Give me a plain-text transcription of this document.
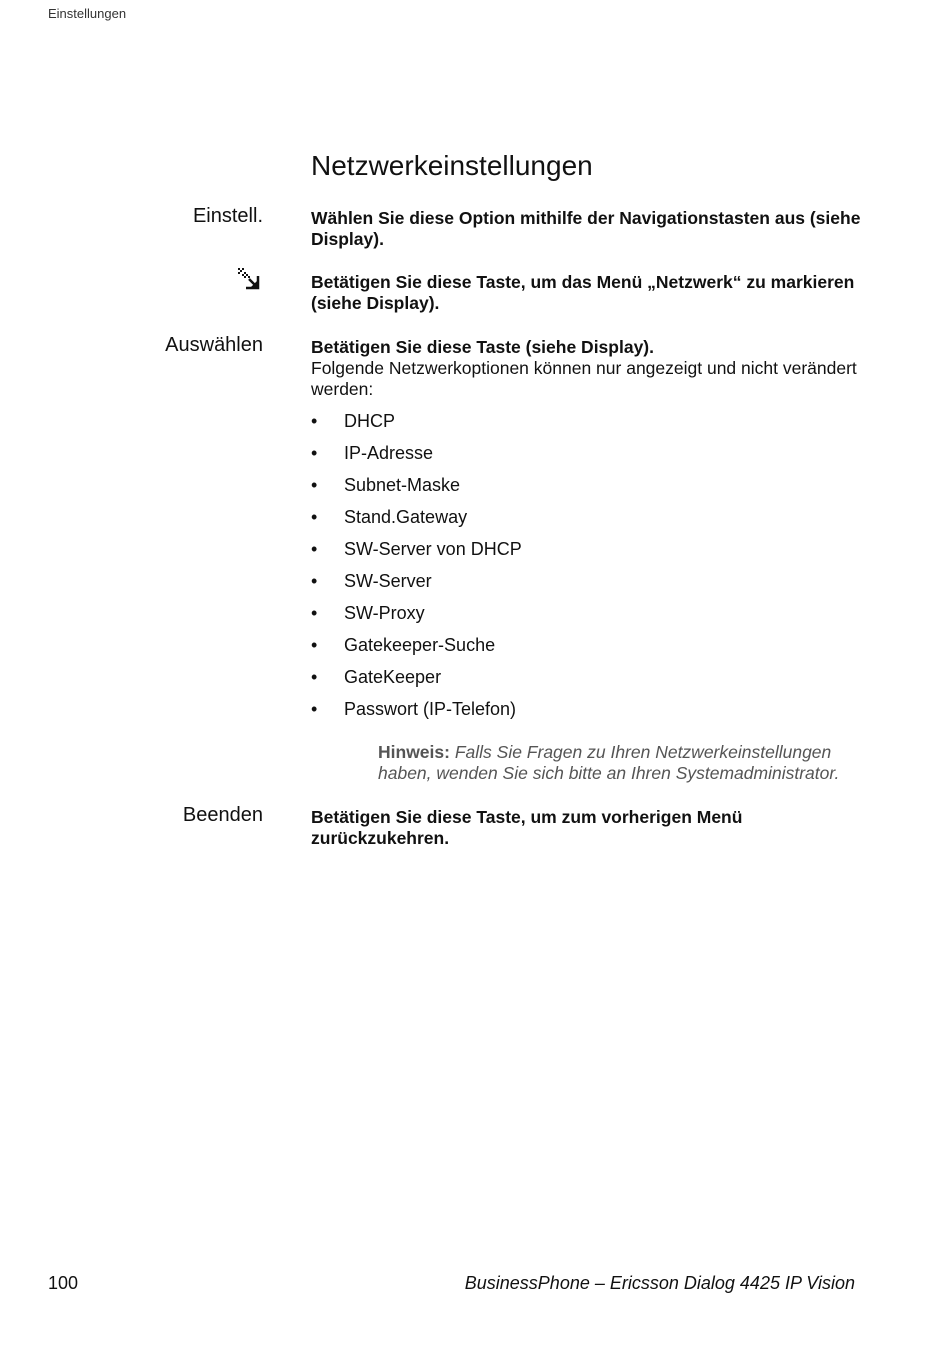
Einstellungen
Netzwerkeinstellungen
Einstell.	Wählen Sie diese Option mithilfe der Navigationstasten aus (siehe Display).
Betätigen Sie diese Taste, um das Menü „Netzwerk“ zu markieren (siehe Display).
Auswählen	Betätigen Sie diese Taste (siehe Display).
Folgende Netzwerkoptionen können nur angezeigt und nicht verändert werden:
• DHCP
• IP-Adresse
• Subnet-Maske
• Stand.Gateway
• SW-Server von DHCP
• SW-Server
• SW-Proxy
• Gatekeeper-Suche
• GateKeeper
• Passwort (IP-Telefon)
Hinweis: Falls Sie Fragen zu Ihren Netzwerkeinstellungen haben, wenden Sie sich bitte an Ihren Systemadministrator.
Beenden	Betätigen Sie diese Taste, um zum vorherigen Menü zurückzukehren.
100	BusinessPhone – Ericsson Dialog 4425 IP Vision
